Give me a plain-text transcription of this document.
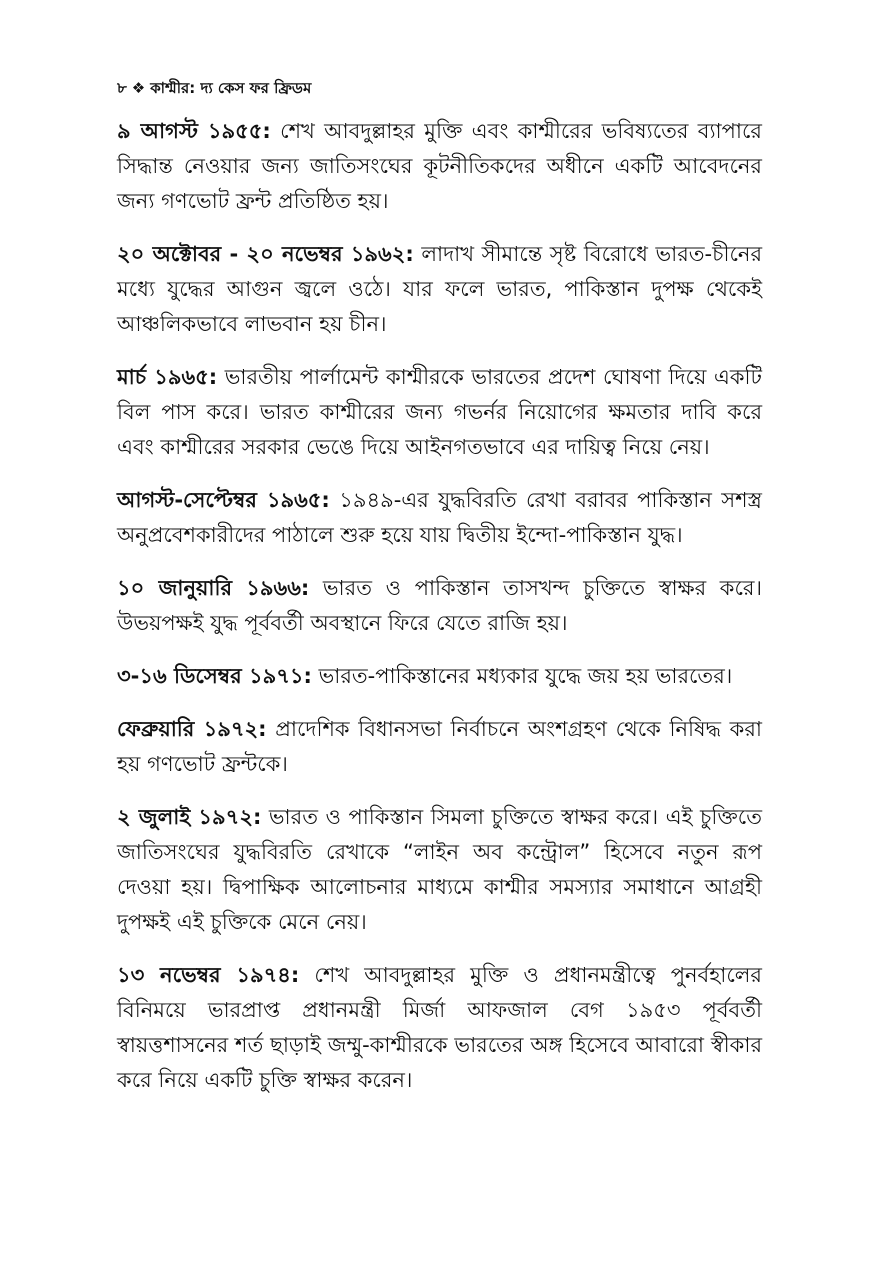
৮ ❖ কাশ্মীর: দ্য কেস ফর ফ্রিডম

৯ আগস্ট ১৯৫৫: শেখ আবদুল্লাহর মুক্তি এবং কাশ্মীরের ভবিষ্যতের ব্যাপারে সিদ্ধান্ত নেওয়ার জন্য জাতিসংঘের কূটনীতিকদের অধীনে একটি আবেদনের জন্য গণভোট ফ্রন্ট প্রতিষ্ঠিত হয়।

২০ অক্টোবর - ২০ নভেম্বর ১৯৬২: লাদাখ সীমান্তে সৃষ্ট বিরোধে ভারত-চীনের মধ্যে যুদ্ধের আগুন জ্বলে ওঠে। যার ফলে ভারত, পাকিস্তান দুপক্ষ থেকেই আঞ্চলিকভাবে লাভবান হয় চীন।

মার্চ ১৯৬৫: ভারতীয় পার্লামেন্ট কাশ্মীরকে ভারতের প্রদেশ ঘোষণা দিয়ে একটি বিল পাস করে। ভারত কাশ্মীরের জন্য গভর্নর নিয়োগের ক্ষমতার দাবি করে এবং কাশ্মীরের সরকার ভেঙে দিয়ে আইনগতভাবে এর দায়িত্ব নিয়ে নেয়।

আগস্ট-সেপ্টেম্বর ১৯৬৫: ১৯৪৯-এর যুদ্ধবিরতি রেখা বরাবর পাকিস্তান সশস্ত্র অনুপ্রবেশকারীদের পাঠালে শুরু হয়ে যায় দ্বিতীয় ইন্দো-পাকিস্তান যুদ্ধ।

১০ জানুয়ারি ১৯৬৬: ভারত ও পাকিস্তান তাসখন্দ চুক্তিতে স্বাক্ষর করে। উভয়পক্ষই যুদ্ধ পূর্ববর্তী অবস্থানে ফিরে যেতে রাজি হয়।

৩-১৬ ডিসেম্বর ১৯৭১: ভারত-পাকিস্তানের মধ্যকার যুদ্ধে জয় হয় ভারতের।

ফেব্রুয়ারি ১৯৭২: প্রাদেশিক বিধানসভা নির্বাচনে অংশগ্রহণ থেকে নিষিদ্ধ করা হয় গণভোট ফ্রন্টকে।

২ জুলাই ১৯৭২: ভারত ও পাকিস্তান সিমলা চুক্তিতে স্বাক্ষর করে। এই চুক্তিতে জাতিসংঘের যুদ্ধবিরতি রেখাকে “লাইন অব কন্ট্রোল” হিসেবে নতুন রূপ দেওয়া হয়। দ্বিপাক্ষিক আলোচনার মাধ্যমে কাশ্মীর সমস্যার সমাধানে আগ্রহী দুপক্ষই এই চুক্তিকে মেনে নেয়।

১৩ নভেম্বর ১৯৭৪: শেখ আবদুল্লাহর মুক্তি ও প্রধানমন্ত্রীত্বে পুনর্বহালের বিনিময়ে ভারপ্রাপ্ত প্রধানমন্ত্রী মির্জা আফজাল বেগ ১৯৫৩ পূর্ববর্তী স্বায়ত্তশাসনের শর্ত ছাড়াই জম্মু-কাশ্মীরকে ভারতের অঙ্গ হিসেবে আবারো স্বীকার করে নিয়ে একটি চুক্তি স্বাক্ষর করেন।
